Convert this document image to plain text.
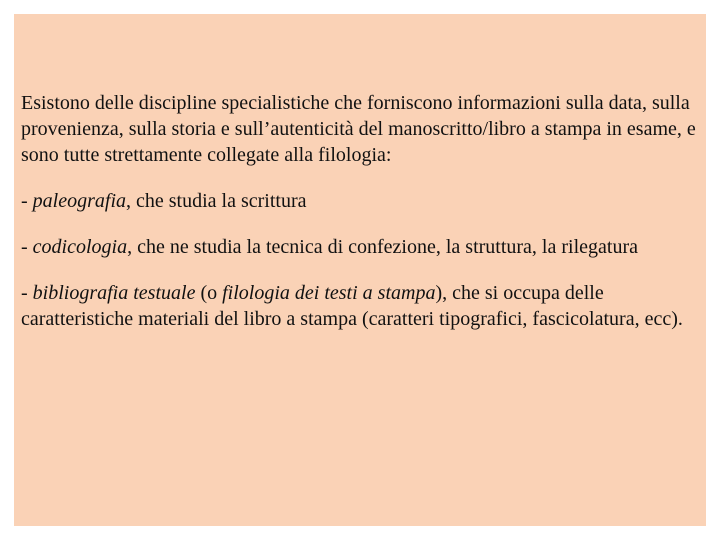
Esistono delle discipline specialistiche che forniscono informazioni sulla data, sulla provenienza, sulla storia e sull’autenticità del manoscritto/libro a stampa in esame, e sono tutte strettamente collegate alla filologia:

- paleografia, che studia la scrittura

- codicologia, che ne studia la tecnica di confezione, la struttura, la rilegatura

- bibliografia testuale (o filologia dei testi a stampa), che si occupa delle caratteristiche materiali del libro a stampa (caratteri tipografici, fascicolatura, ecc).
